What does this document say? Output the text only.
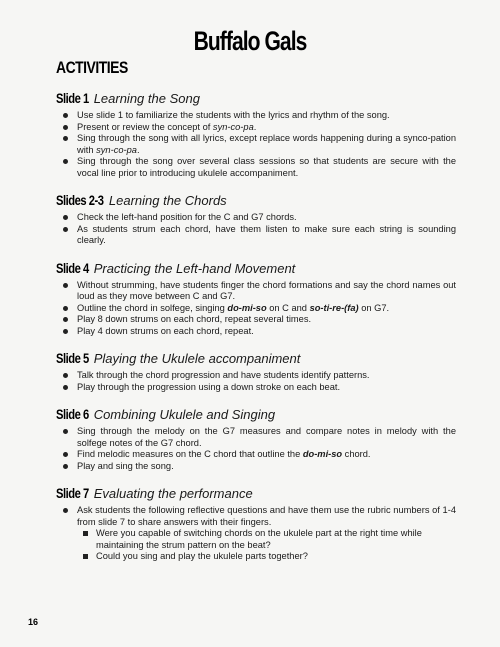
Buffalo Gals
ACTIVITIES
Slide 1 Learning the Song
Use slide 1 to familiarize the students with the lyrics and rhythm of the song.
Present or review the concept of syn-co-pa.
Sing through the song with all lyrics, except replace words happening during a synco-pation with syn-co-pa.
Sing through the song over several class sessions so that students are secure with the vocal line prior to introducing ukulele accompaniment.
Slides 2-3 Learning the Chords
Check the left-hand position for the C and G7 chords.
As students strum each chord, have them listen to make sure each string is sounding clearly.
Slide 4 Practicing the Left-hand Movement
Without strumming, have students finger the chord formations and say the chord names out loud as they move between C and G7.
Outline the chord in solfege, singing do-mi-so on C and so-ti-re-(fa) on G7.
Play 8 down strums on each chord, repeat several times.
Play 4 down strums on each chord, repeat.
Slide 5 Playing the Ukulele accompaniment
Talk through the chord progression and have students identify patterns.
Play through the progression using a down stroke on each beat.
Slide 6 Combining Ukulele and Singing
Sing through the melody on the G7 measures and compare notes in melody with the solfege notes of the G7 chord.
Find melodic measures on the C chord that outline the do-mi-so chord.
Play and sing the song.
Slide 7 Evaluating the performance
Ask students the following reflective questions and have them use the rubric numbers of 1-4 from slide 7 to share answers with their fingers.
Were you capable of switching chords on the ukulele part at the right time while maintaining the strum pattern on the beat?
Could you sing and play the ukulele parts together?
16
